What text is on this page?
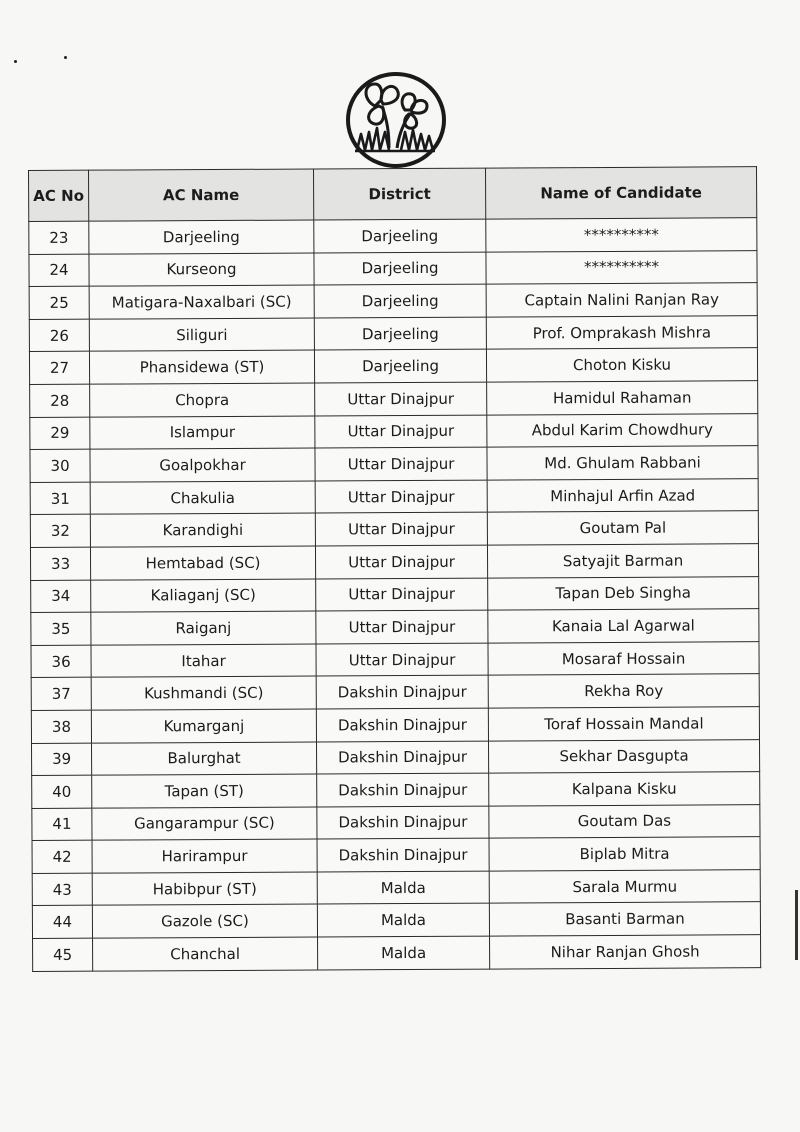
AC No	AC Name	District	Name of Candidate
23	Darjeeling	Darjeeling	**********
24	Kurseong	Darjeeling	**********
25	Matigara-Naxalbari (SC)	Darjeeling	Captain Nalini Ranjan Ray
26	Siliguri	Darjeeling	Prof. Omprakash Mishra
27	Phansidewa (ST)	Darjeeling	Choton Kisku
28	Chopra	Uttar Dinajpur	Hamidul Rahaman
29	Islampur	Uttar Dinajpur	Abdul Karim Chowdhury
30	Goalpokhar	Uttar Dinajpur	Md. Ghulam Rabbani
31	Chakulia	Uttar Dinajpur	Minhajul Arfin Azad
32	Karandighi	Uttar Dinajpur	Goutam Pal
33	Hemtabad (SC)	Uttar Dinajpur	Satyajit Barman
34	Kaliaganj (SC)	Uttar Dinajpur	Tapan Deb Singha
35	Raiganj	Uttar Dinajpur	Kanaia Lal Agarwal
36	Itahar	Uttar Dinajpur	Mosaraf Hossain
37	Kushmandi (SC)	Dakshin Dinajpur	Rekha Roy
38	Kumarganj	Dakshin Dinajpur	Toraf Hossain Mandal
39	Balurghat	Dakshin Dinajpur	Sekhar Dasgupta
40	Tapan (ST)	Dakshin Dinajpur	Kalpana Kisku
41	Gangarampur (SC)	Dakshin Dinajpur	Goutam Das
42	Harirampur	Dakshin Dinajpur	Biplab Mitra
43	Habibpur (ST)	Malda	Sarala Murmu
44	Gazole (SC)	Malda	Basanti Barman
45	Chanchal	Malda	Nihar Ranjan Ghosh
